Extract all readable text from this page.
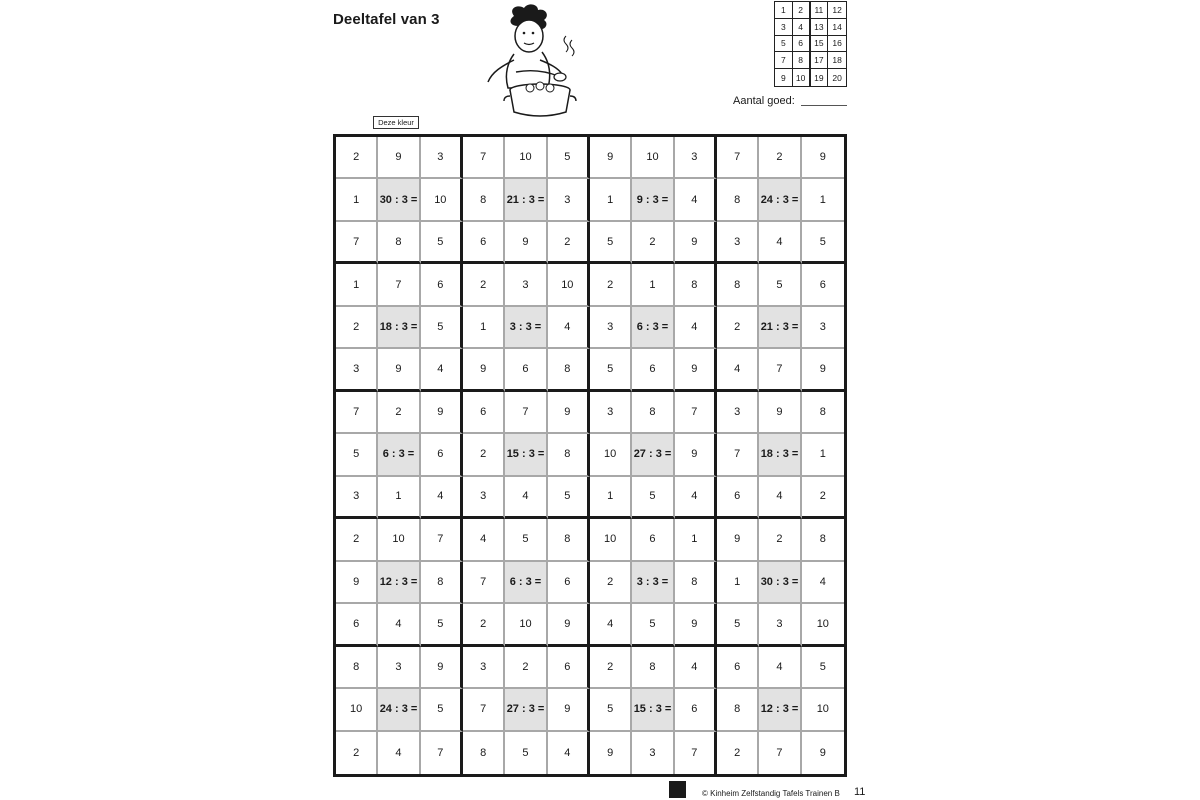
Deeltafel van 3
1	2	11	12
3	4	13	14
5	6	15	16
7	8	17	18
9	10	19	20
Aantal goed:
Deze kleur
2	9	3	7	10	5	9	10	3	7	2	9
1	30 : 3 =	10	8	21 : 3 =	3	1	9 : 3 =	4	8	24 : 3 =	1
7	8	5	6	9	2	5	2	9	3	4	5
1	7	6	2	3	10	2	1	8	8	5	6
2	18 : 3 =	5	1	3 : 3 =	4	3	6 : 3 =	4	2	21 : 3 =	3
3	9	4	9	6	8	5	6	9	4	7	9
7	2	9	6	7	9	3	8	7	3	9	8
5	6 : 3 =	6	2	15 : 3 =	8	10	27 : 3 =	9	7	18 : 3 =	1
3	1	4	3	4	5	1	5	4	6	4	2
2	10	7	4	5	8	10	6	1	9	2	8
9	12 : 3 =	8	7	6 : 3 =	6	2	3 : 3 =	8	1	30 : 3 =	4
6	4	5	2	10	9	4	5	9	5	3	10
8	3	9	3	2	6	2	8	4	6	4	5
10	24 : 3 =	5	7	27 : 3 =	9	5	15 : 3 =	6	8	12 : 3 =	10
2	4	7	8	5	4	9	3	7	2	7	9
© Kinheim Zelfstandig Tafels Trainen B 11
